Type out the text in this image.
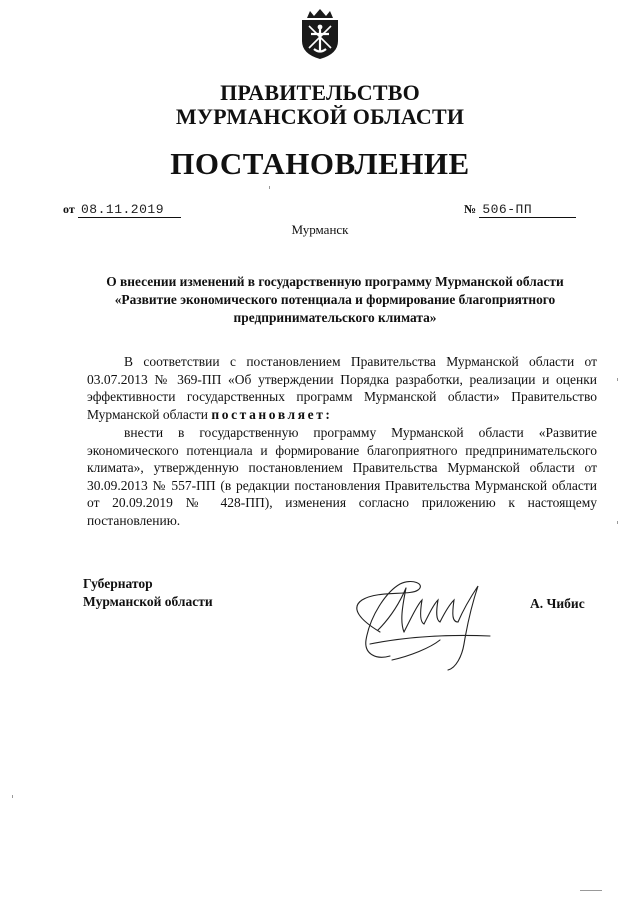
ПРАВИТЕЛЬСТВО
МУРМАНСКОЙ ОБЛАСТИ
ПОСТАНОВЛЕНИЕ
от 08.11.2019	№ 506-ПП
Мурманск
О внесении изменений в государственную программу Мурманской области
«Развитие экономического потенциала и формирование благоприятного
предпринимательского климата»
В соответствии с постановлением Правительства Мурманской области от 03.07.2013 № 369-ПП «Об утверждении Порядка разработки, реализации и оценки эффективности государственных программ Мурманской области» Правительство Мурманской области постановляет:
внести в государственную программу Мурманской области «Развитие экономического потенциала и формирование благоприятного предпринимательского климата», утвержденную постановлением Правительства Мурманской области от 30.09.2013 № 557-ПП (в редакции постановления Правительства Мурманской области от 20.09.2019 № 428-ПП), изменения согласно приложению к настоящему постановлению.
Губернатор
Мурманской области	А. Чибис
